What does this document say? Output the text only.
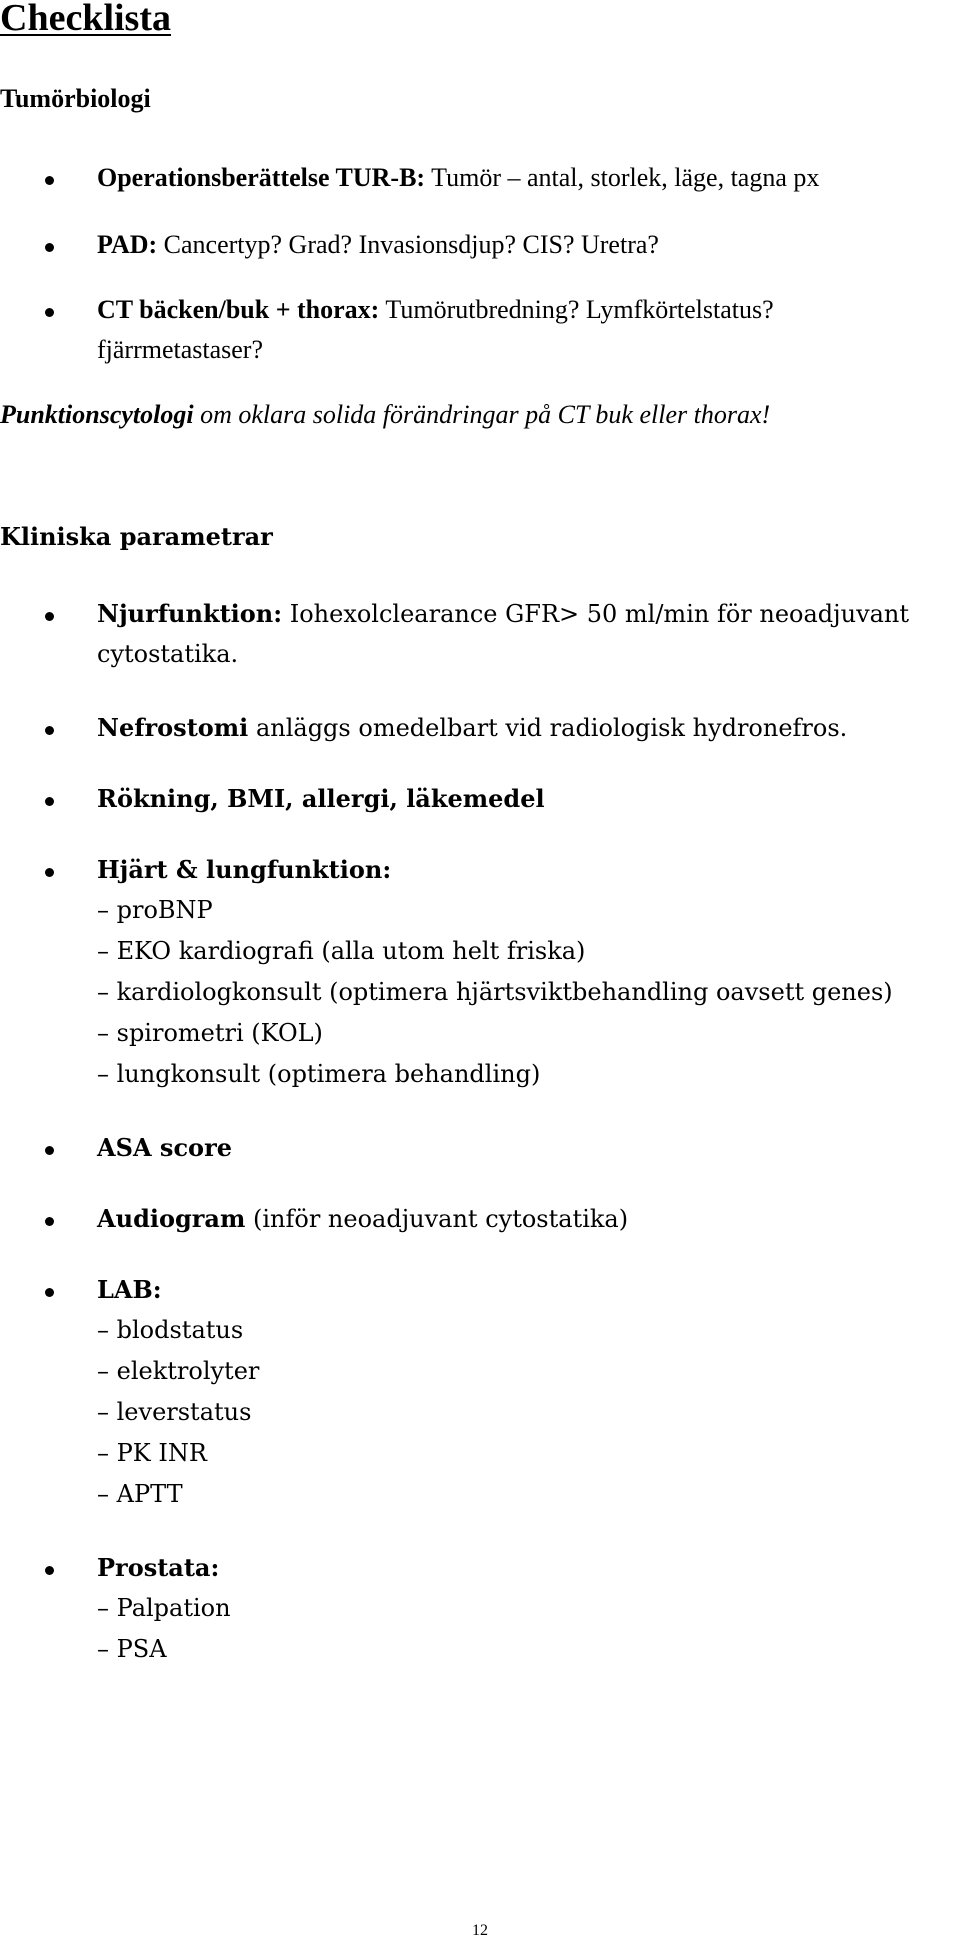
Checklista
Tumörbiologi
Operationsberättelse TUR-B: Tumör – antal, storlek, läge, tagna px
PAD: Cancertyp? Grad? Invasionsdjup? CIS? Uretra?
CT bäcken/buk + thorax: Tumörutbredning? Lymfkörtelstatus?
fjärrmetastaser?
Punktionscytologi om oklara solida förändringar på CT buk eller thorax!
Kliniska parametrar
Njurfunktion: Iohexolclearance GFR> 50 ml/min för neoadjuvant
cytostatika.
Nefrostomi anläggs omedelbart vid radiologisk hydronefros.
Rökning, BMI, allergi, läkemedel
Hjärt & lungfunktion:
– proBNP
– EKO kardiografi (alla utom helt friska)
– kardiologkonsult (optimera hjärtsviktbehandling oavsett genes)
– spirometri (KOL)
– lungkonsult (optimera behandling)
ASA score
Audiogram (inför neoadjuvant cytostatika)
LAB:
– blodstatus
– elektrolyter
– leverstatus
– PK INR
– APTT
Prostata:
– Palpation
– PSA
12
